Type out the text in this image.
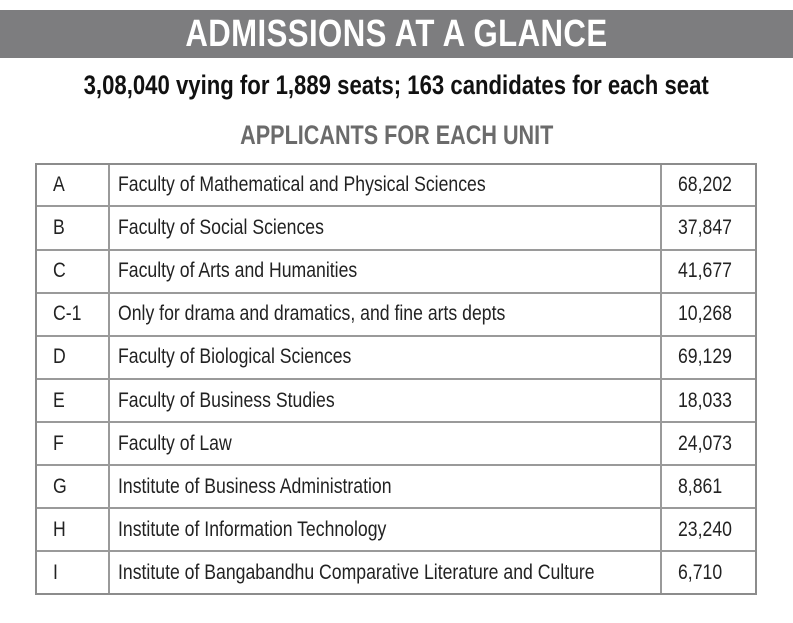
ADMISSIONS AT A GLANCE
3,08,040 vying for 1,889 seats; 163 candidates for each seat
APPLICANTS FOR EACH UNIT
A	Faculty of Mathematical and Physical Sciences	68,202
B	Faculty of Social Sciences	37,847
C	Faculty of Arts and Humanities	41,677
C-1	Only for drama and dramatics, and fine arts depts	10,268
D	Faculty of Biological Sciences	69,129
E	Faculty of Business Studies	18,033
F	Faculty of Law	24,073
G	Institute of Business Administration	8,861
H	Institute of Information Technology	23,240
I	Institute of Bangabandhu Comparative Literature and Culture	6,710
